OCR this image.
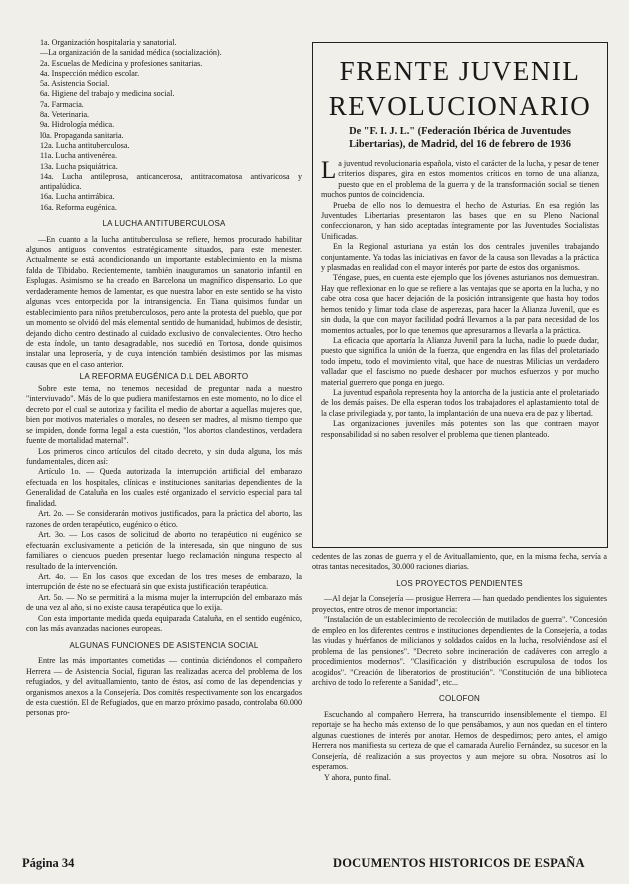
1a. Organización hospitalaria y sanatorial.

—La organización de la sanidad médica (socialización).

2a. Escuelas de Medicina y profesiones sanitarias.

4a. Inspección médico escolar.

5a. Asistencia Social.

6a. Higiene del trabajo y medicina social.

7a. Farmacia.

8a. Veterinaria.

9a. Hidrología médica.

l0a. Propaganda sanitaria.

12a. Lucha antituberculosa.

11a. Lucha antivenérea.

13a. Lucha psiquiátrica.

14a. Lucha antileprosa, anticancerosa, antitracomatosa antivaricosa y antipalúdica.

16a. Lucha antirrábica.

16a. Reforma eugénica.

LA LUCHA ANTITUBERCULOSA

—En cuanto a la lucha antituberculosa se refiere, hemos procurado habilitar algunos antiguos conventos estratégicamente situados, para este menester. Actualmente se está acondicionando un importante establecimiento en la misma falda de Tibidabo. Recientemente, también inauguramos un sanatorio infantil en Esplugas. Asimismo se ha creado en Barcelona un magnífico dispensario. Lo que verdaderamente hemos de lamentar, es que nuestra labor en este sentido se ha visto algunas vces entorpecida por la intransigencia. En Tiana quisimos fundar un establecimiento para niños pretuberculosos, pero ante la protesta del pueblo, que por un momento se olvidó del más elemental sentido de humanidad, hubimos de desistir, dejando dicho centro destinado al cuidado exclusivo de convalecientes. Otro hecho de esta índole, un tanto desagradable, nos sucedió en Tortosa, donde quisimos instalar una leprosería, y de cuya intención también desistimos por las mismas causas que en el caso anterior.

LA REFORMA EUGÉNICA D.L DEL ABORTO

Sobre este tema, no tenemos necesidad de preguntar nada a nuestro "interviuvado". Más de lo que pudiera manifestarnos en este momento, no lo dice el decreto por el cual se autoriza y facilita el medio de abortar a aquellas mujeres que, bien por motivos materiales o morales, no deseen ser madres, al mismo tiempo que se impiden, donde forma legal a esta cuestión, "los abortos clandestinos, verdadera fuente de mortalidad maternal".

Los primeros cinco artículos del citado decreto, y sin duda alguna, los más fundamentales, dicen así:

Artículo 1o. — Queda autorizada la interrupción artificial del embarazo efectuada en los hospitales, clínicas e instituciones sanitarias dependientes de la Generalidad de Cataluña en los cuales esté organizado el servicio especial para tal finalidad.

Art. 2o. — Se considerarán motivos justificados, para la práctica del aborto, las razones de orden terapéutico, eugénico o ético.

Art. 3o. — Los casos de solicitud de aborto no terapéutico ni eugénico se efectuarán exclusivamente a petición de la interesada, sin que ninguno de sus familiares o ciencuos pueden presentar luego reclamación ninguna respecto al resultado de la intervención.

Art. 4o. — En los casos que excedan de los tres meses de embarazo, la interrupción de éste no se efectuará sin que exista justificación terapéutica.

Art. 5o. — No se permitirá a la misma mujer la interrupción del embarazo más de una vez al año, si no existe causa terapéutica que lo exija.

Con esta importante medida queda equiparada Cataluña, en el sentido eugénico, con las más avanzadas naciones europeas.

ALGUNAS FUNCIONES DE ASISTENCIA SOCIAL

Entre las más importantes cometidas — continúa diciéndonos el compañero Herrera — de Asistencia Social, figuran las realizadas acerca del problema de los refugiados, y del avituallamiento, tanto de éstos, así como de las dependencias y organismos anexos a la Consejería. Dos comités respectivamente son los encargados de esta cuestión. El de Refugiados, que en marzo próximo pasado, controlaba 60.000 personas pro-

FRENTE JUVENIL
REVOLUCIONARIO
De "F. I. J. L." (Federación Ibérica de Juventudes Libertarias), de Madrid, del 16 de febrero de 1936

La juventud revolucionaria española, visto el carácter de la lucha, y pesar de tener criterios dispares, gira en estos momentos críticos en torno de una alianza, puesto que en el problema de la guerra y de la transformación social se tienen muchos puntos de coincidencia.

Prueba de ello nos lo demuestra el hecho de Asturias. En esa región las Juventudes Libertarias presentaron las bases que en su Pleno Nacional confeccionaron, y han sido aceptadas íntegramente por las Juventudes Socialistas Unificadas.

En la Regional asturiana ya están los dos centrales juveniles trabajando conjuntamente. Ya todas las iniciativas en favor de la causa son llevadas a la práctica y plasmadas en realidad con el mayor interés por parte de estos dos organismos.

Téngase, pues, en cuenta este ejemplo que los jóvenes asturianos nos demuestran. Hay que reflexionar en lo que se refiere a las ventajas que se aporta en la lucha, y no cabe otra cosa que hacer dejación de la posición intransigente que hasta hoy todos hemos tenido y limar toda clase de asperezas, para hacer la Alianza Juvenil, que es sin duda, la que con mayor facilidad podrá llevarnos a la par para necesidad de los momentos actuales, por lo que tenemos que apresurarnos a llevarla a la práctica.

La eficacia que aportaría la Alianza Juvenil para la lucha, nadie lo puede dudar, puesto que significa la unión de la fuerza, que engendra en las filas del proletariado todo ímpetu, todo el movimiento vital, que hace de nuestras Milicias un verdadero valladar que el fascismo no puede deshacer por muchos esfuerzos y por mucho material guerrero que ponga en juego.

La juventud española representa hoy la antorcha de la justicia ante el proletariado de los demás países. De ella esperan todos los trabajadores el aplastamiento total de la clase privilegiada y, por tanto, la implantación de una nueva era de paz y libertad.

Las organizaciones juveniles más potentes son las que contraen mayor responsabilidad si no saben resolver el problema que tienen planteado.

cedentes de las zonas de guerra y el de Avituallamiento, que, en la misma fecha, servía a otras tantas necesitados, 30.000 raciones diarias.

LOS PROYECTOS PENDIENTES

—Al dejar la Consejería — prosigue Herrera — han quedado pendientes los siguientes proyectos, entre otros de menor importancia:

"Instalación de un establecimiento de recolección de mutilados de guerra". "Concesión de empleo en los diferentes centros e instituciones dependientes de la Consejería, a todas las viudas y huérfanos de milicianos y soldados caídos en la lucha, resolviéndose así el problema de las pensiones". "Decreto sobre incineración de cadáveres con arreglo a procedimientos modernos". "Clasificación y distribución escrupulosa de todos los acogidos". "Creación de liberatorios de prostitución". "Constitución de una biblioteca archivo de todo lo referente a Sanidad", etc...

COLOFON

Escuchando al compañero Herrera, ha transcurrido insensiblemente el tiempo. El reportaje se ha hecho más extenso de lo que pensábamos, y aun nos quedan en el tintero algunas cuestiones de interés por anotar. Hemos de despedirnos; pero antes, el amigo Herrera nos manifiesta su certeza de que el camarada Aurelio Fernández, su sucesor en la Consejería, dé realización a sus proyectos y aun mejore su obra. Nosotros así lo esperamos.

Y ahora, punto final.

Página 34	DOCUMENTOS HISTORICOS DE ESPAÑA
